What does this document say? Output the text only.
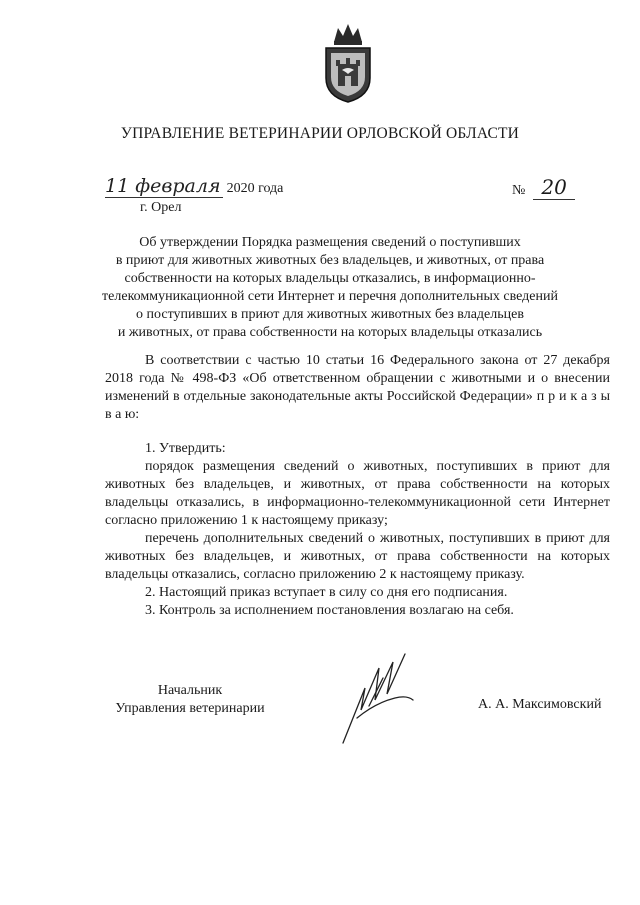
УПРАВЛЕНИЕ ВЕТЕРИНАРИИ ОРЛОВСКОЙ ОБЛАСТИ
11 февраля 2020 года	№ 20
г. Орел
Об утверждении Порядка размещения сведений о поступивших
в приют для животных животных без владельцев, и животных, от права
собственности на которых владельцы отказались, в информационно-
телекоммуникационной сети Интернет и перечня дополнительных сведений
о поступивших в приют для животных животных без владельцев
и животных, от права собственности на которых владельцы отказались

В соответствии с частью 10 статьи 16 Федерального закона от 27 декабря 2018 года № 498-ФЗ «Об ответственном обращении с животными и о внесении изменений в отдельные законодательные акты Российской Федерации» п р и к а з ы в а ю:

1. Утвердить:

порядок размещения сведений о животных, поступивших в приют для животных без владельцев, и животных, от права собственности на которых владельцы отказались, в информационно-телекоммуникационной сети Интернет согласно приложению 1 к настоящему приказу;

перечень дополнительных сведений о животных, поступивших в приют для животных без владельцев, и животных, от права собственности на которых владельцы отказались, согласно приложению 2 к настоящему приказу.

2. Настоящий приказ вступает в силу со дня его подписания.

3. Контроль за исполнением постановления возлагаю на себя.

Начальник
Управления ветеринарии	А. А. Максимовский
